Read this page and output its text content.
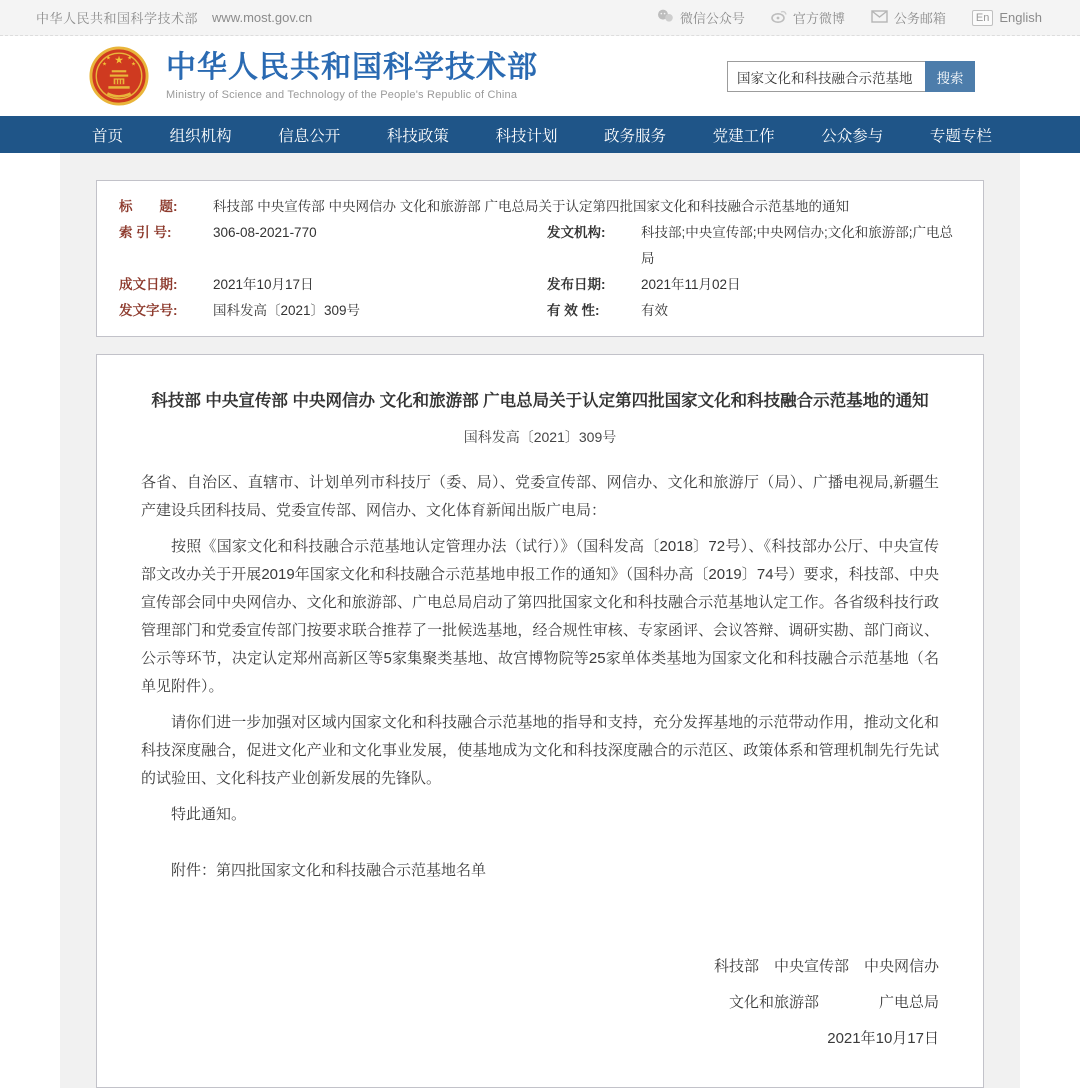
中华人民共和国科学技术部 www.most.gov.cn	微信公众号	官方微博	公务邮箱	En English
★
★	★
★	★ 中华人民共和国科学技术部
Ministry of Science and Technology of the People's Republic of China
国家文化和科技融合示范基地
搜索
首页	组织机构	信息公开	科技政策	科技计划	政务服务	党建工作	公众参与	专题专栏
标　　题:	科技部 中央宣传部 中央网信办 文化和旅游部 广电总局关于认定第四批国家文化和科技融合示范基地的通知
索 引 号:	306-08-2021-770	发文机构:	科技部;中央宣传部;中央网信办;文化和旅游部;广电总局
成文日期:	2021年10月17日	发布日期:	2021年11月02日
发文字号:	国科发高〔2021〕309号	有 效 性:	有效
科技部 中央宣传部 中央网信办 文化和旅游部 广电总局关于认定第四批国家文化和科技融合示范基地的通知
国科发高〔2021〕309号

各省、自治区、直辖市、计划单列市科技厅（委、局）、党委宣传部、网信办、文化和旅游厅（局）、广播电视局,新疆生产建设兵团科技局、党委宣传部、网信办、文化体育新闻出版广电局：

按照《国家文化和科技融合示范基地认定管理办法（试行）》（国科发高〔2018〕72号）、《科技部办公厅、中央宣传部文改办关于开展2019年国家文化和科技融合示范基地申报工作的通知》（国科办高〔2019〕74号）要求，科技部、中央宣传部会同中央网信办、文化和旅游部、广电总局启动了第四批国家文化和科技融合示范基地认定工作。各省级科技行政管理部门和党委宣传部门按要求联合推荐了一批候选基地，经合规性审核、专家函评、会议答辩、调研实勘、部门商议、公示等环节，决定认定郑州高新区等5家集聚类基地、故宫博物院等25家单体类基地为国家文化和科技融合示范基地（名单见附件）。

请你们进一步加强对区域内国家文化和科技融合示范基地的指导和支持，充分发挥基地的示范带动作用，推动文化和科技深度融合，促进文化产业和文化事业发展，使基地成为文化和科技深度融合的示范区、政策体系和管理机制先行先试的试验田、文化科技产业创新发展的先锋队。

特此通知。

附件：第四批国家文化和科技融合示范基地名单
科技部　中央宣传部　中央网信办
文化和旅游部　　　　广电总局
2021年10月17日
